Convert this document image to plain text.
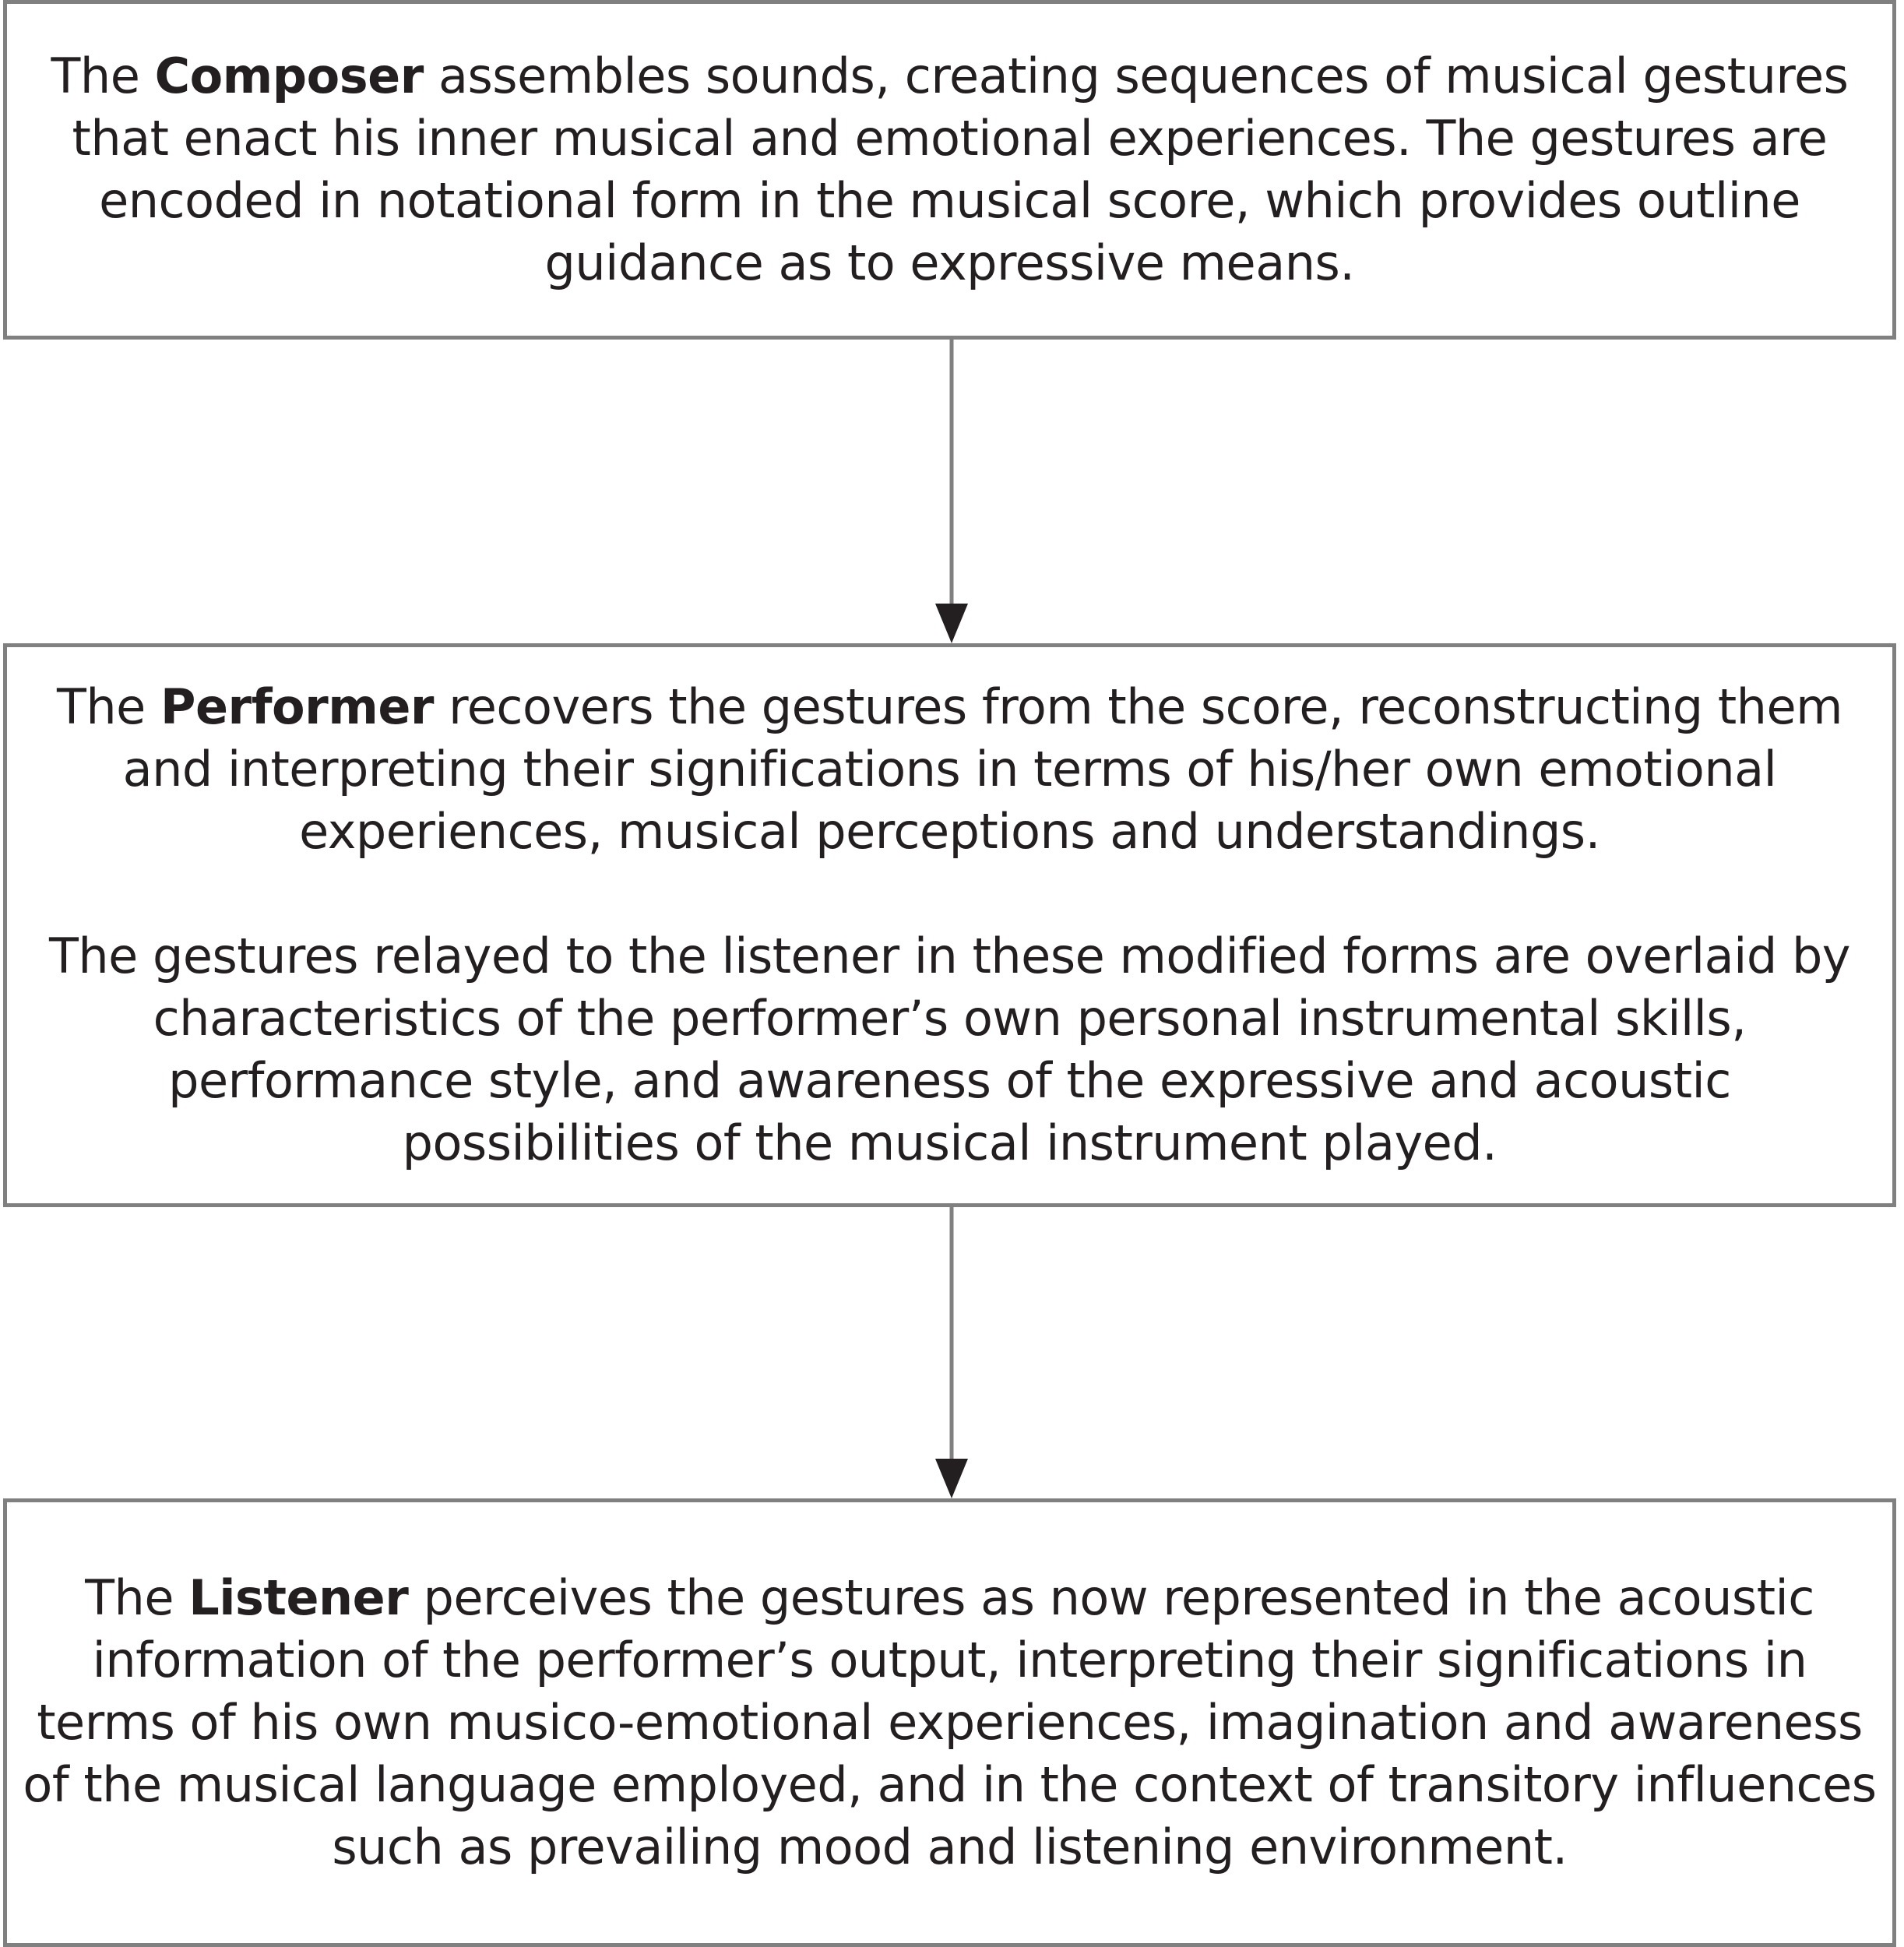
The Composer assembles sounds, creating sequences of musical gestures that enact his inner musical and emotional experiences. The gestures are encoded in notational form in the musical score, which provides outline guidance as to expressive means.

The Performer recovers the gestures from the score, reconstructing them and interpreting their significations in terms of his/her own emotional experiences, musical perceptions and understandings.

The gestures relayed to the listener in these modified forms are overlaid by characteristics of the performer’s own personal instrumental skills, performance style, and awareness of the expressive and acoustic possibilities of the musical instrument played.

The Listener perceives the gestures as now represented in the acoustic information of the performer’s output, interpreting their significations in terms of his own musico-emotional experiences, imagination and awareness of the musical language employed, and in the context of transitory influences such as prevailing mood and listening environment.
